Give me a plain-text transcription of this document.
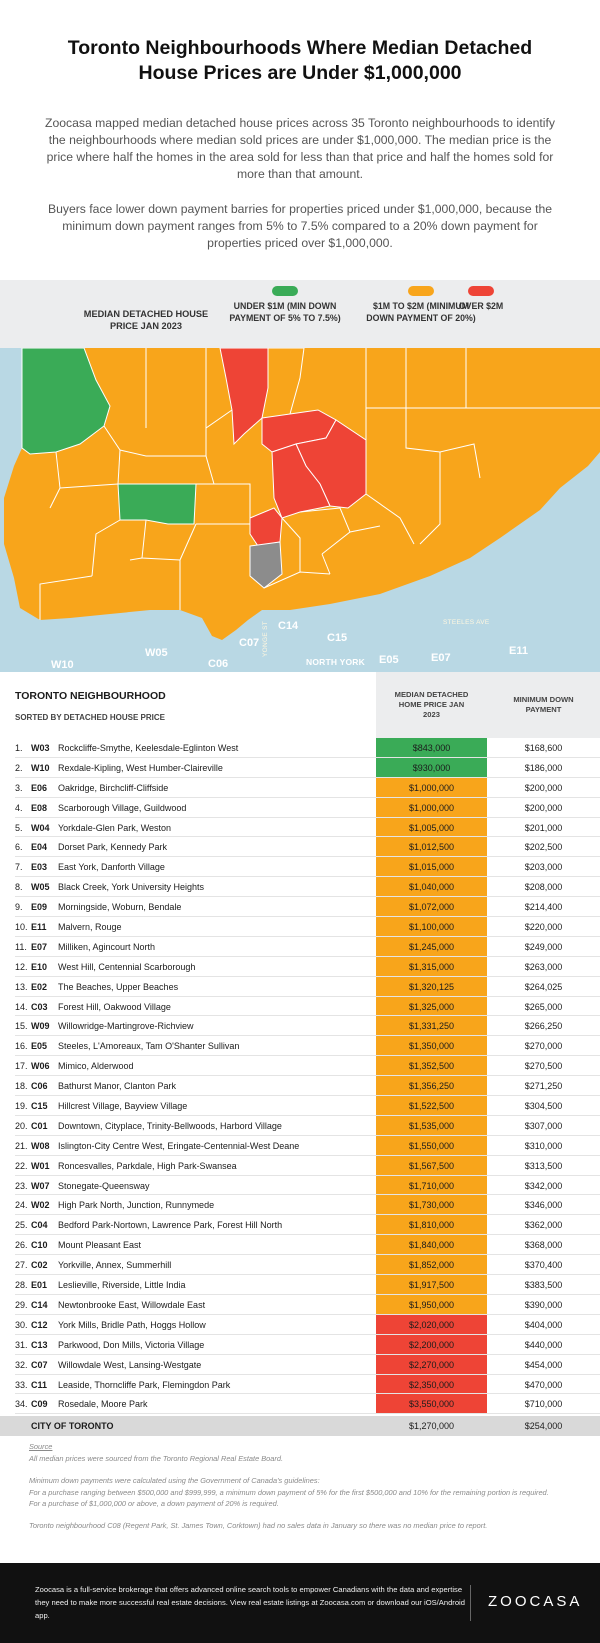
Toronto Neighbourhoods Where Median Detached House Prices are Under $1,000,000

Zoocasa mapped median detached house prices across 35 Toronto neighbourhoods to identify the neighbourhoods where median sold prices are under $1,000,000. The median price is the price where half the homes in the area sold for less than that price and half the homes sold for more than that amount.

Buyers face lower down payment barries for properties priced under $1,000,000, because the minimum down payment ranges from 5% to 7.5% compared to a 20% down payment for properties priced over $1,000,000.

MEDIAN DETACHED HOUSE PRICE JAN 2023
UNDER $1M (MIN DOWN PAYMENT OF 5% TO 7.5%)
$1M TO $2M (MINIMUM DOWN PAYMENT OF 20%)
OVER $2M
W10
W05
C06
C07
C14
C15
E05	E07
E11
NORTH YORK
STEELES AVE
YONGE ST
TORONTO NEIGHBOURHOOD
SORTED BY DETACHED HOUSE PRICE
MEDIAN DETACHED HOME PRICE JAN 2023
MINIMUM DOWN PAYMENT
1. W03 Rockcliffe-Smythe, Keelesdale-Eglinton West	$843,000	$168,600
2. W10 Rexdale-Kipling, West Humber-Claireville	$930,000	$186,000
3. E06 Oakridge, Birchcliff-Cliffside	$1,000,000	$200,000
4. E08 Scarborough Village, Guildwood	$1,000,000	$200,000
5. W04 Yorkdale-Glen Park, Weston	$1,005,000	$201,000
6. E04 Dorset Park, Kennedy Park	$1,012,500	$202,500
7. E03 East York, Danforth Village	$1,015,000	$203,000
8. W05 Black Creek, York University Heights	$1,040,000	$208,000
9. E09 Morningside, Woburn, Bendale	$1,072,000	$214,400
10. E11 Malvern, Rouge	$1,100,000	$220,000
11. E07 Milliken, Agincourt North	$1,245,000	$249,000
12. E10 West Hill, Centennial Scarborough	$1,315,000	$263,000
13. E02 The Beaches, Upper Beaches	$1,320,125	$264,025
14. C03 Forest Hill, Oakwood Village	$1,325,000	$265,000
15. W09 Willowridge-Martingrove-Richview	$1,331,250	$266,250
16. E05 Steeles, L'Amoreaux, Tam O'Shanter Sullivan	$1,350,000	$270,000
17. W06 Mimico, Alderwood	$1,352,500	$270,500
18. C06 Bathurst Manor, Clanton Park	$1,356,250	$271,250
19. C15 Hillcrest Village, Bayview Village	$1,522,500	$304,500
20. C01 Downtown, Cityplace, Trinity-Bellwoods, Harbord Village	$1,535,000	$307,000
21. W08 Islington-City Centre West, Eringate-Centennial-West Deane	$1,550,000	$310,000
22. W01 Roncesvalles, Parkdale, High Park-Swansea	$1,567,500	$313,500
23. W07 Stonegate-Queensway	$1,710,000	$342,000
24. W02 High Park North, Junction, Runnymede	$1,730,000	$346,000
25. C04 Bedford Park-Nortown, Lawrence Park, Forest Hill North	$1,810,000	$362,000
26. C10 Mount Pleasant East	$1,840,000	$368,000
27. C02 Yorkville, Annex, Summerhill	$1,852,000	$370,400
28. E01 Leslieville, Riverside, Little India	$1,917,500	$383,500
29. C14 Newtonbrooke East, Willowdale East	$1,950,000	$390,000
30. C12 York Mills, Bridle Path, Hoggs Hollow	$2,020,000	$404,000
31. C13 Parkwood, Don Mills, Victoria Village	$2,200,000	$440,000
32. C07 Willowdale West, Lansing-Westgate	$2,270,000	$454,000
33. C11 Leaside, Thorncliffe Park, Flemingdon Park	$2,350,000	$470,000
34. C09 Rosedale, Moore Park	$3,550,000	$710,000
CITY OF TORONTO	$1,270,000	$254,000

Source

All median prices were sourced from the Toronto Regional Real Estate Board.

Minimum down payments were calculated using the Government of Canada's guidelines:

For a purchase ranging between $500,000 and $999,999, a minimum down payment of 5% for the first $500,000 and 10% for the remaining portion is required.

For a purchase of $1,000,000 or above, a down payment of 20% is required.

Toronto neighbourhood C08 (Regent Park, St. James Town, Corktown) had no sales data in January so there was no median price to report.

Zoocasa is a full-service brokerage that offers advanced online search tools to empower Canadians with the data and expertise they need to make more successful real estate decisions. View real estate listings at Zoocasa.com or download our iOS/Android app.
ZOOCASA
